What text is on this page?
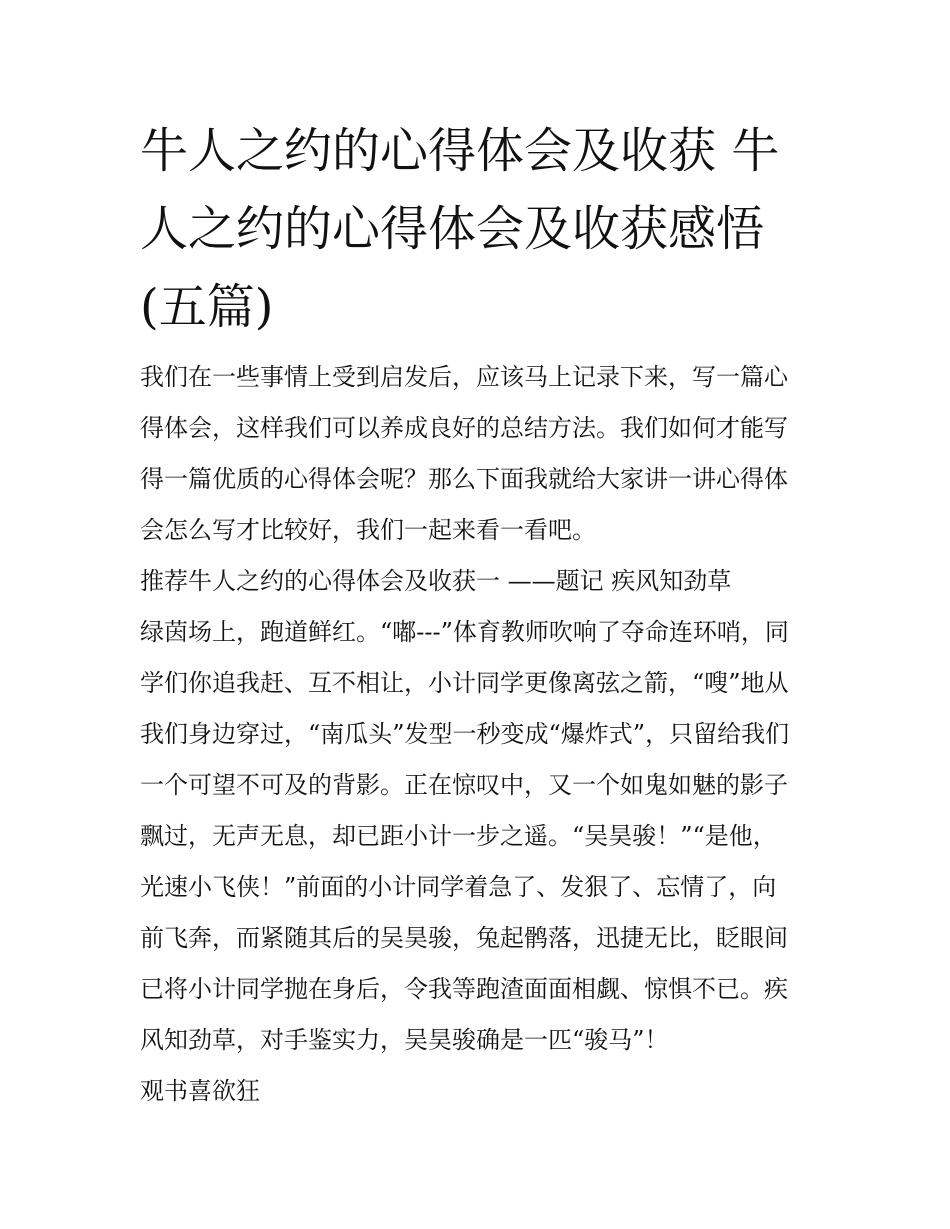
牛人之约的心得体会及收获 牛
人之约的心得体会及收获感悟
(五篇)
我们在一些事情上受到启发后，应该马上记录下来，写一篇心
得体会，这样我们可以养成良好的总结方法。我们如何才能写
得一篇优质的心得体会呢？那么下面我就给大家讲一讲心得体
会怎么写才比较好，我们一起来看一看吧。
推荐牛人之约的心得体会及收获一 ——题记 疾风知劲草
绿茵场上，跑道鲜红。“嘟---”体育教师吹响了夺命连环哨，同
学们你追我赶、互不相让，小计同学更像离弦之箭，“嗖”地从
我们身边穿过，“南瓜头”发型一秒变成“爆炸式”，只留给我们
一个可望不可及的背影。正在惊叹中，又一个如鬼如魅的影子
飘过，无声无息，却已距小计一步之遥。“吴昊骏！”“是他，
光速小飞侠！”前面的小计同学着急了、发狠了、忘情了，向
前飞奔，而紧随其后的吴昊骏，兔起鹘落，迅捷无比，眨眼间
已将小计同学抛在身后，令我等跑渣面面相觑、惊惧不已。疾
风知劲草，对手鉴实力，吴昊骏确是一匹“骏马”！
观书喜欲狂
